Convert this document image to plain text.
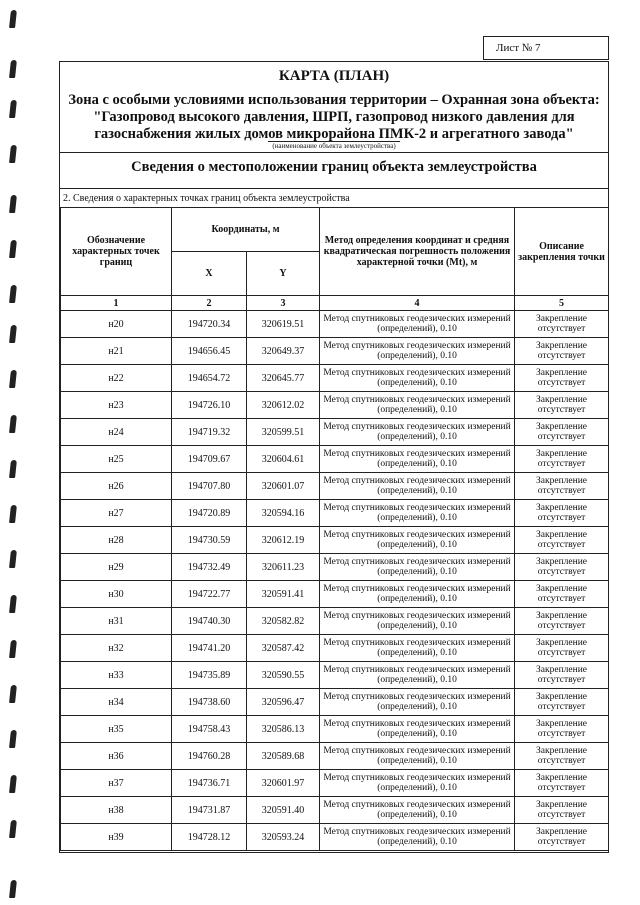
Лист № 7
КАРТА (ПЛАН)
Зона с особыми условиями использования территории – Охранная зона объекта: "Газопровод высокого давления, ШРП, газопровод низкого давления для газоснабжения жилых домов микрорайона ПМК-2 и агрегатного завода"
(наименование объекта землеустройства)
Сведения о местоположении границ объекта землеустройства
2. Сведения о характерных точках границ объекта землеустройства
Обозначение характерных точек границ	Координаты, м		Метод определения координат и средняя квадратическая погрешность положения характерной точки (Mt), м	Описание закрепления точки
	X	Y		
1	2	3	4	5
н20	194720.34	320619.51	Метод спутниковых геодезических измерений (определений), 0.10	Закрепление отсутствует
н21	194656.45	320649.37	Метод спутниковых геодезических измерений (определений), 0.10	Закрепление отсутствует
н22	194654.72	320645.77	Метод спутниковых геодезических измерений (определений), 0.10	Закрепление отсутствует
н23	194726.10	320612.02	Метод спутниковых геодезических измерений (определений), 0.10	Закрепление отсутствует
н24	194719.32	320599.51	Метод спутниковых геодезических измерений (определений), 0.10	Закрепление отсутствует
н25	194709.67	320604.61	Метод спутниковых геодезических измерений (определений), 0.10	Закрепление отсутствует
н26	194707.80	320601.07	Метод спутниковых геодезических измерений (определений), 0.10	Закрепление отсутствует
н27	194720.89	320594.16	Метод спутниковых геодезических измерений (определений), 0.10	Закрепление отсутствует
н28	194730.59	320612.19	Метод спутниковых геодезических измерений (определений), 0.10	Закрепление отсутствует
н29	194732.49	320611.23	Метод спутниковых геодезических измерений (определений), 0.10	Закрепление отсутствует
н30	194722.77	320591.41	Метод спутниковых геодезических измерений (определений), 0.10	Закрепление отсутствует
н31	194740.30	320582.82	Метод спутниковых геодезических измерений (определений), 0.10	Закрепление отсутствует
н32	194741.20	320587.42	Метод спутниковых геодезических измерений (определений), 0.10	Закрепление отсутствует
н33	194735.89	320590.55	Метод спутниковых геодезических измерений (определений), 0.10	Закрепление отсутствует
н34	194738.60	320596.47	Метод спутниковых геодезических измерений (определений), 0.10	Закрепление отсутствует
н35	194758.43	320586.13	Метод спутниковых геодезических измерений (определений), 0.10	Закрепление отсутствует
н36	194760.28	320589.68	Метод спутниковых геодезических измерений (определений), 0.10	Закрепление отсутствует
н37	194736.71	320601.97	Метод спутниковых геодезических измерений (определений), 0.10	Закрепление отсутствует
н38	194731.87	320591.40	Метод спутниковых геодезических измерений (определений), 0.10	Закрепление отсутствует
н39	194728.12	320593.24	Метод спутниковых геодезических измерений (определений), 0.10	Закрепление отсутствует
